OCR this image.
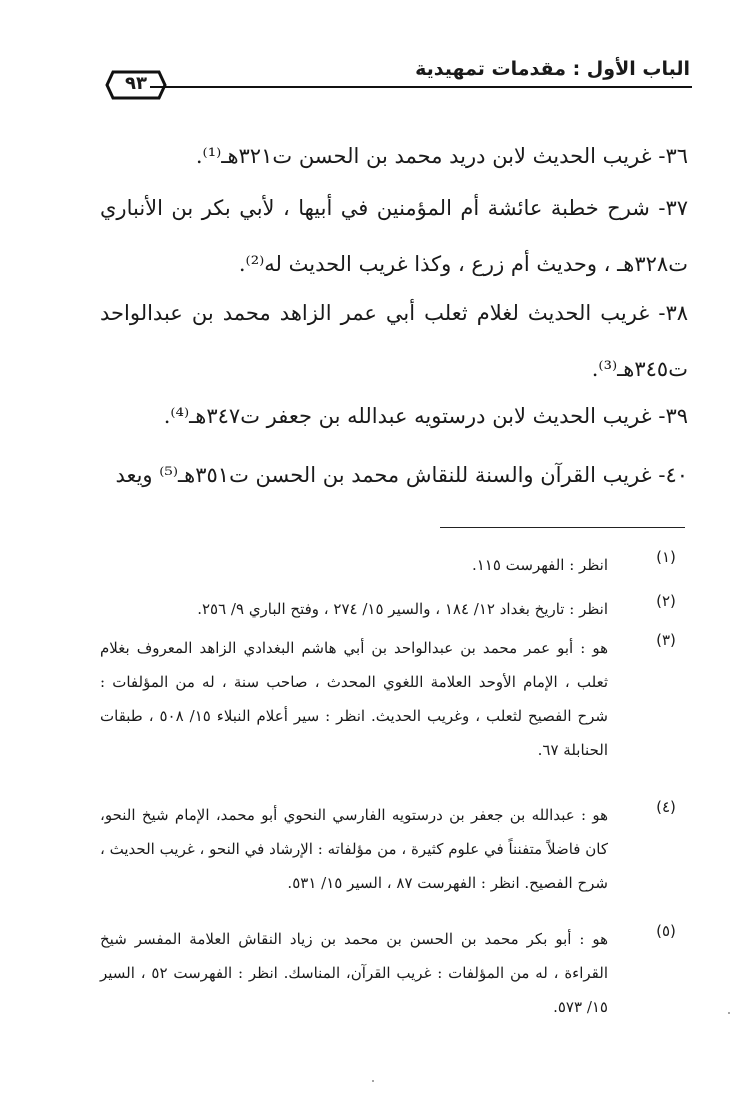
الباب الأول : مقدمات تمهيدية
٩٣
٣٦- غريب الحديث لابن دريد محمد بن الحسن ت٣٢١هـ⁽¹⁾.
٣٧- شرح خطبة عائشة أم المؤمنين في أبيها ، لأبي بكر بن الأنباري ت٣٢٨هـ ، وحديث أم زرع ، وكذا غريب الحديث له⁽²⁾.
٣٨- غريب الحديث لغلام ثعلب أبي عمر الزاهد محمد بن عبدالواحد ت٣٤٥هـ⁽³⁾.
٣٩- غريب الحديث لابن درستويه عبدالله بن جعفر ت٣٤٧هـ⁽⁴⁾.
٤٠- غريب القرآن والسنة للنقاش محمد بن الحسن ت٣٥١هـ⁽⁵⁾ ويعد
(١)
انظر : الفهرست ١١٥.
(٢)
انظر : تاريخ بغداد ١٢/ ١٨٤ ، والسير ١٥/ ٢٧٤ ، وفتح الباري ٩/ ٢٥٦.
(٣)
هو : أبو عمر محمد بن عبدالواحد بن أبي هاشم البغدادي الزاهد المعروف بغلام ثعلب ، الإمام الأوحد العلامة اللغوي المحدث ، صاحب سنة ، له من المؤلفات : شرح الفصيح لثعلب ، وغريب الحديث. انظر : سير أعلام النبلاء ١٥/ ٥٠٨ ، طبقات الحنابلة ٦٧.
(٤)
هو : عبدالله بن جعفر بن درستويه الفارسي النحوي أبو محمد، الإمام شيخ النحو، كان فاضلاً متفنناً في علوم كثيرة ، من مؤلفاته : الإرشاد في النحو ، غريب الحديث ، شرح الفصيح. انظر : الفهرست ٨٧ ، السير ١٥/ ٥٣١.
(٥)
هو : أبو بكر محمد بن الحسن بن محمد بن زياد النقاش العلامة المفسر شيخ القراءة ، له من المؤلفات : غريب القرآن، المناسك. انظر : الفهرست ٥٢ ، السير ١٥/ ٥٧٣.
